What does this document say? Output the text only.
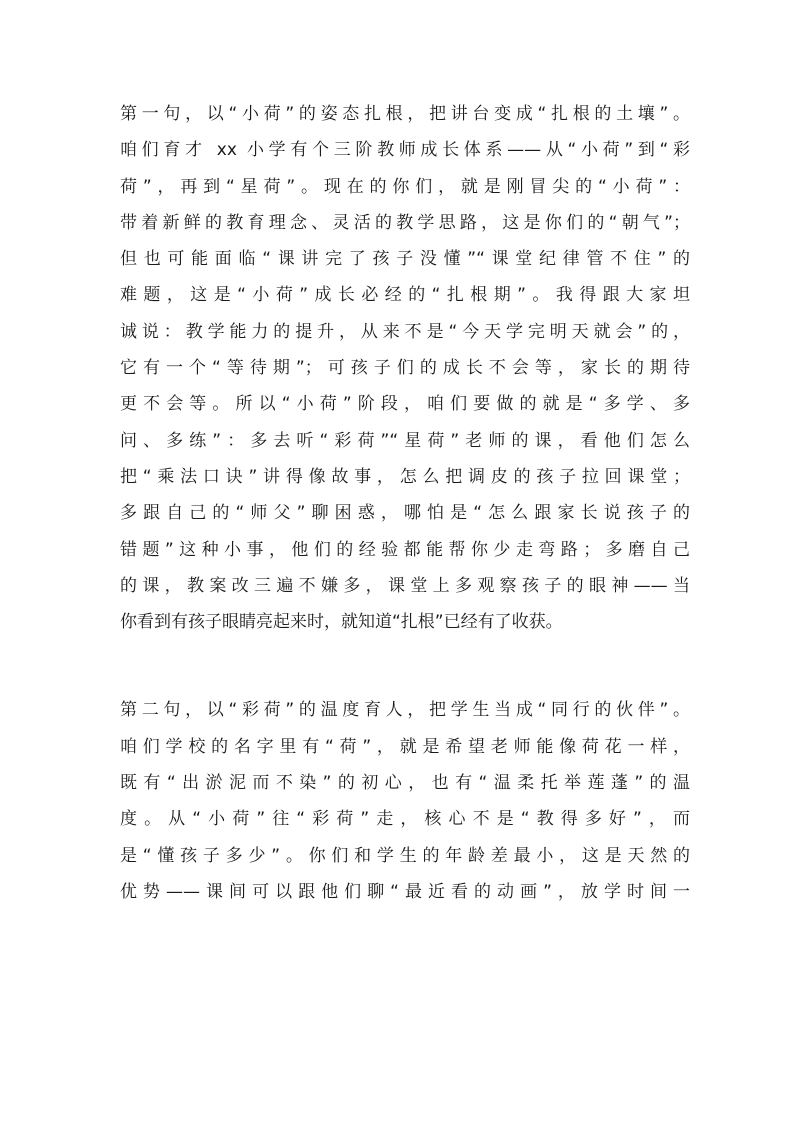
第一句，以“小荷”的姿态扎根，把讲台变成“扎根的土壤”。
咱们育才 xx 小学有个三阶教师成长体系——从“小荷”到“彩
荷”，再到“星荷”。现在的你们，就是刚冒尖的“小荷”：
带着新鲜的教育理念、灵活的教学思路，这是你们的“朝气”；
但也可能面临“课讲完了孩子没懂”“课堂纪律管不住”的
难题，这是“小荷”成长必经的“扎根期”。我得跟大家坦
诚说：教学能力的提升，从来不是“今天学完明天就会”的，
它有一个“等待期”；可孩子们的成长不会等，家长的期待
更不会等。所以“小荷”阶段，咱们要做的就是“多学、多
问、多练”：多去听“彩荷”“星荷”老师的课，看他们怎么
把“乘法口诀”讲得像故事，怎么把调皮的孩子拉回课堂；
多跟自己的“师父”聊困惑，哪怕是“怎么跟家长说孩子的
错题”这种小事，他们的经验都能帮你少走弯路；多磨自己
的课，教案改三遍不嫌多，课堂上多观察孩子的眼神——当
你看到有孩子眼睛亮起来时，就知道“扎根”已经有了收获。
第二句，以“彩荷”的温度育人，把学生当成“同行的伙伴”。
咱们学校的名字里有“荷”，就是希望老师能像荷花一样，
既有“出淤泥而不染”的初心，也有“温柔托举莲蓬”的温
度。从“小荷”往“彩荷”走，核心不是“教得多好”，而
是“懂孩子多少”。你们和学生的年龄差最小，这是天然的
优势——课间可以跟他们聊“最近看的动画”，放学时间一
